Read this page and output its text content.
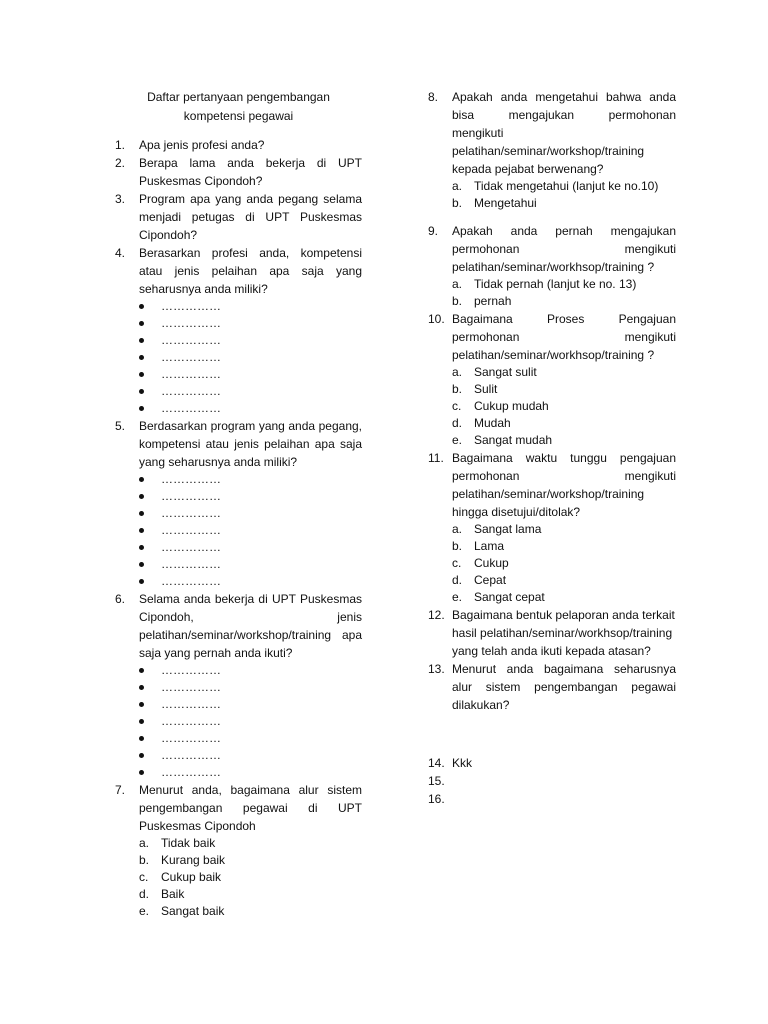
Daftar pertanyaan pengembangan
kompetensi pegawai
1.	Apa jenis profesi anda?
2.	Berapa lama anda bekerja di UPT Puskesmas Cipondoh?
3.	Program apa yang anda pegang selama menjadi petugas di UPT Puskesmas Cipondoh?
4.	Berasarkan profesi anda, kompetensi atau jenis pelaihan apa saja yang seharusnya anda miliki?
……………
……………
……………
……………
……………
……………
……………
5.	Berdasarkan program yang anda pegang, kompetensi atau jenis pelaihan apa saja yang seharusnya anda miliki?
……………
……………
……………
……………
……………
……………
……………
6.	Selama anda bekerja di UPT Puskesmas Cipondoh, jenis pelatihan/seminar/workshop/training apa saja yang pernah anda ikuti?
……………
……………
……………
……………
……………
……………
……………
7.	Menurut anda, bagaimana alur sistem pengembangan pegawai di UPT Puskesmas Cipondoh
a. Tidak baik
b. Kurang baik
c.	Cukup baik
d. Baik
e. Sangat baik
8.	Apakah anda mengetahui bahwa anda
bisa mengajukan permohonan
mengikuti pelatihan/seminar/workshop/training kepada pejabat berwenang?
a. Tidak mengetahui (lanjut ke no.10)
b. Mengetahui
9.	Apakah anda pernah mengajukan
permohonan mengikuti
pelatihan/seminar/workhsop/training ?
a. Tidak pernah (lanjut ke no. 13)
b. pernah
10. Bagaimana Proses Pengajuan
permohonan mengikuti
pelatihan/seminar/workhsop/training ?
a. Sangat sulit
b. Sulit
c.	Cukup mudah
d. Mudah
e. Sangat mudah
11. Bagaimana waktu tunggu pengajuan
permohonan mengikuti
pelatihan/seminar/workshop/training hingga disetujui/ditolak?
a. Sangat lama
b. Lama
c.	Cukup
d. Cepat
e. Sangat cepat
12. Bagaimana bentuk pelaporan anda terkait hasil pelatihan/seminar/workhsop/training yang telah anda ikuti kepada atasan?
13. Menurut anda bagaimana seharusnya alur sistem pengembangan pegawai dilakukan?
14. Kkk
15.
16.
